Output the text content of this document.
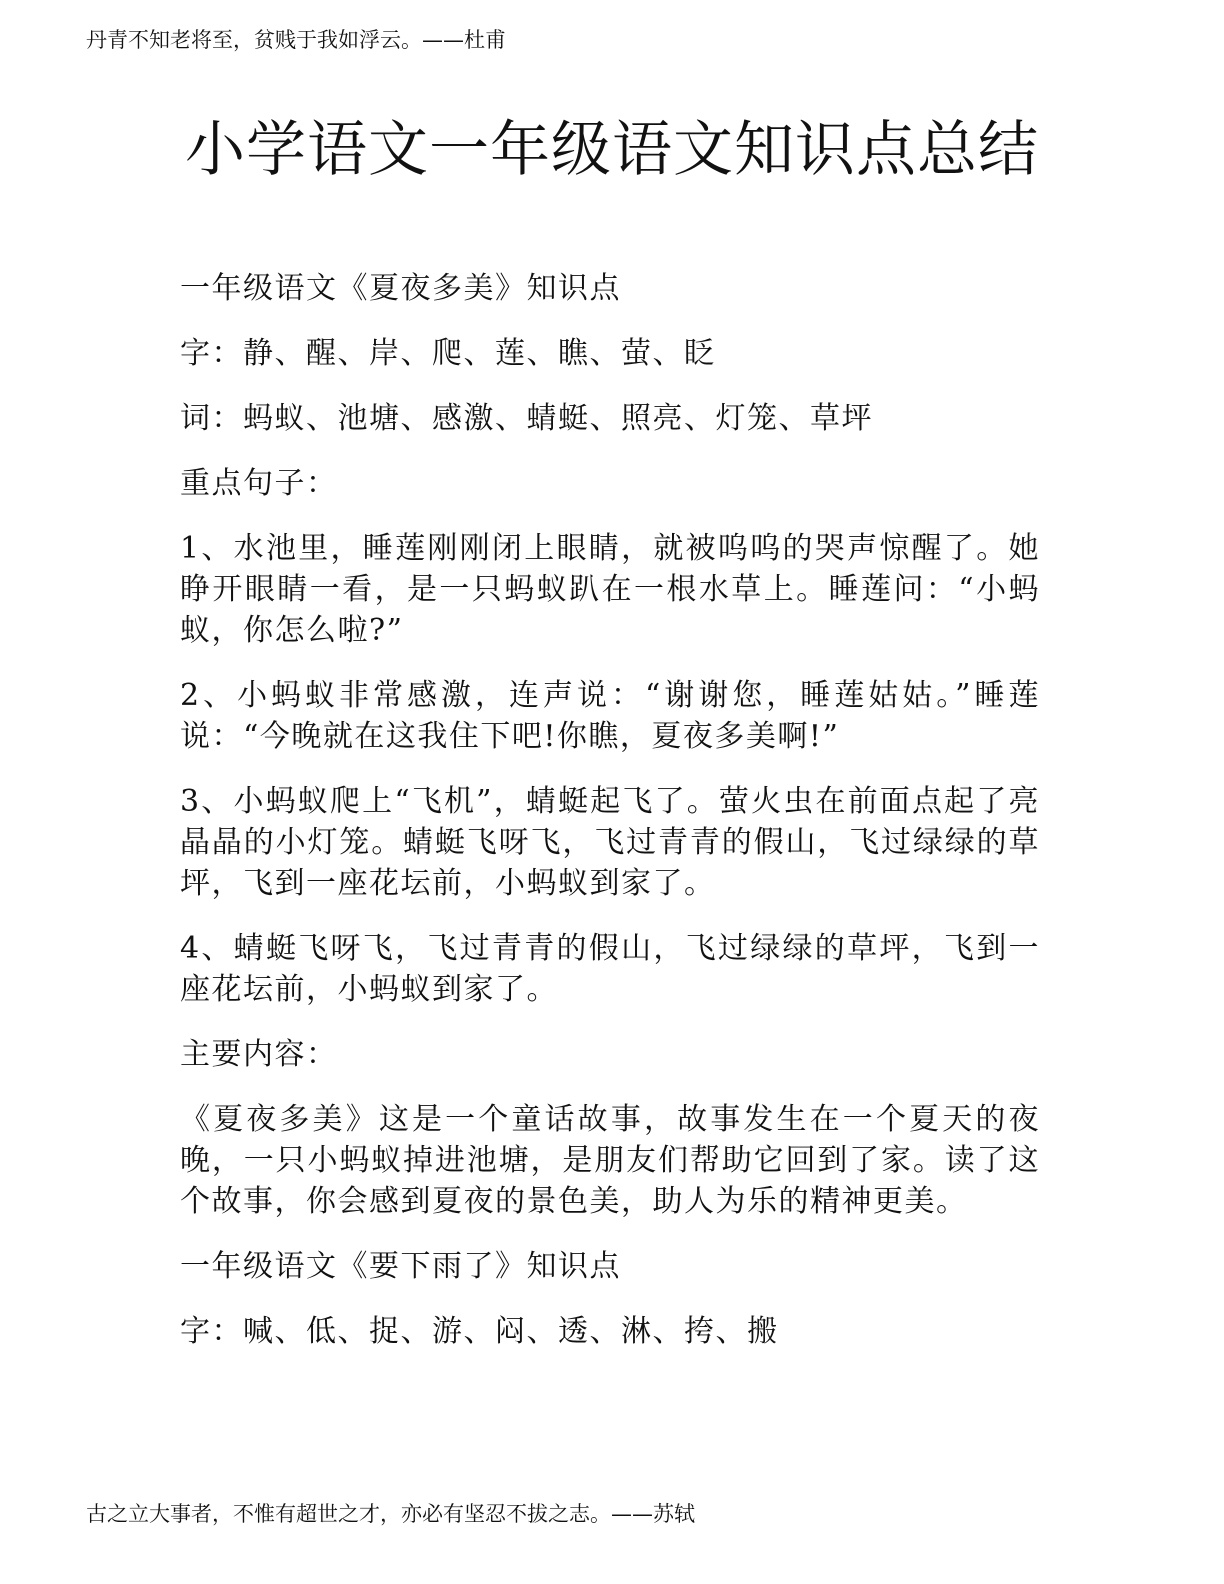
丹青不知老将至，贫贱于我如浮云。——杜甫
小学语文一年级语文知识点总结

一年级语文《夏夜多美》知识点

字：静、醒、岸、爬、莲、瞧、萤、眨

词：蚂蚁、池塘、感激、蜻蜓、照亮、灯笼、草坪

重点句子：

1、水池里，睡莲刚刚闭上眼睛，就被呜呜的哭声惊醒了。她睁开眼睛一看，是一只蚂蚁趴在一根水草上。睡莲问：“小蚂蚁，你怎么啦?”

2、小蚂蚁非常感激，连声说：“谢谢您，睡莲姑姑。”睡莲说：“今晚就在这我住下吧!你瞧，夏夜多美啊!”

3、小蚂蚁爬上“飞机”，蜻蜓起飞了。萤火虫在前面点起了亮晶晶的小灯笼。蜻蜓飞呀飞，飞过青青的假山，飞过绿绿的草坪，飞到一座花坛前，小蚂蚁到家了。

4、蜻蜓飞呀飞，飞过青青的假山，飞过绿绿的草坪，飞到一座花坛前，小蚂蚁到家了。

主要内容：

《夏夜多美》这是一个童话故事，故事发生在一个夏天的夜晚，一只小蚂蚁掉进池塘，是朋友们帮助它回到了家。读了这个故事，你会感到夏夜的景色美，助人为乐的精神更美。

一年级语文《要下雨了》知识点

字：喊、低、捉、游、闷、透、淋、挎、搬

古之立大事者，不惟有超世之才，亦必有坚忍不拔之志。——苏轼
